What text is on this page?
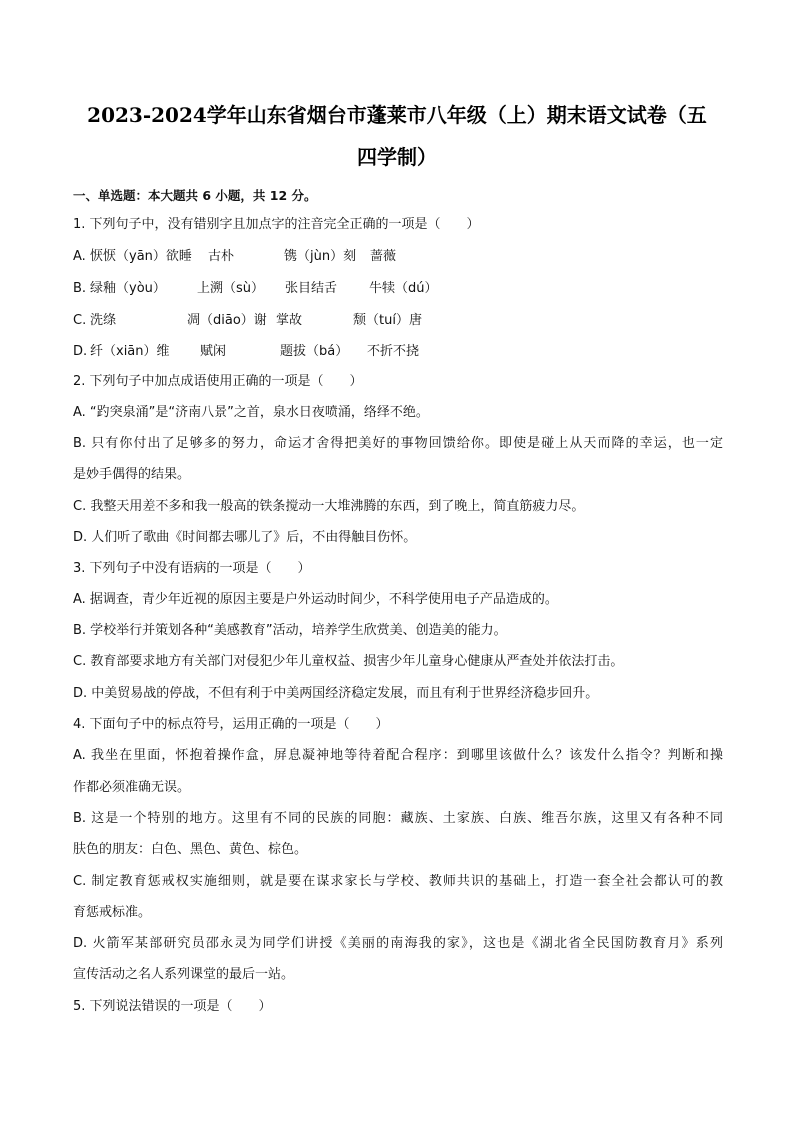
2023-2024学年山东省烟台市蓬莱市八年级（上）期末语文试卷（五
四学制）
一、单选题：本大题共 6 小题，共 12 分。
1. 下列句子中，没有错别字且加点字的注音完全正确的一项是（　　）
A. 恹恹（yān）欲睡 古朴	镌（jùn）刻 蔷薇
B. 绿釉（yòu） 上溯（sù） 张目结舌 牛犊（dú）
C. 洗绦	凋（diāo）谢 掌故	颓（tuí）唐
D. 纤（xiān）维 赋闲	题拔（bá） 不折不挠
2. 下列句子中加点成语使用正确的一项是（　　）
A. “趵突泉涌”是“济南八景”之首，泉水日夜喷涌，络绎不绝。
B. 只有你付出了足够多的努力，命运才舍得把美好的事物回馈给你。即使是碰上从天而降的幸运，也一定
是妙手偶得的结果。
C. 我整天用差不多和我一般高的铁条搅动一大堆沸腾的东西，到了晚上，简直筋疲力尽。
D. 人们听了歌曲《时间都去哪儿了》后，不由得触目伤怀。
3. 下列句子中没有语病的一项是（　　）
A. 据调查，青少年近视的原因主要是户外运动时间少，不科学使用电子产品造成的。
B. 学校举行并策划各种“美感教育”活动，培养学生欣赏美、创造美的能力。
C. 教育部要求地方有关部门对侵犯少年儿童权益、损害少年儿童身心健康从严查处并依法打击。
D. 中美贸易战的停战，不但有利于中美两国经济稳定发展，而且有利于世界经济稳步回升。
4. 下面句子中的标点符号，运用正确的一项是（　　）
A. 我坐在里面，怀抱着操作盒，屏息凝神地等待着配合程序：到哪里该做什么？该发什么指令？判断和操
作都必须准确无误。
B. 这是一个特别的地方。这里有不同的民族的同胞：藏族、土家族、白族、维吾尔族，这里又有各种不同
肤色的朋友：白色、黑色、黄色、棕色。
C. 制定教育惩戒权实施细则，就是要在谋求家长与学校、教师共识的基础上，打造一套全社会都认可的教
育惩戒标准。
D. 火箭军某部研究员邵永灵为同学们讲授《美丽的南海我的家》，这也是《湖北省全民国防教育月》系列
宣传活动之名人系列课堂的最后一站。
5. 下列说法错误的一项是（　　）
